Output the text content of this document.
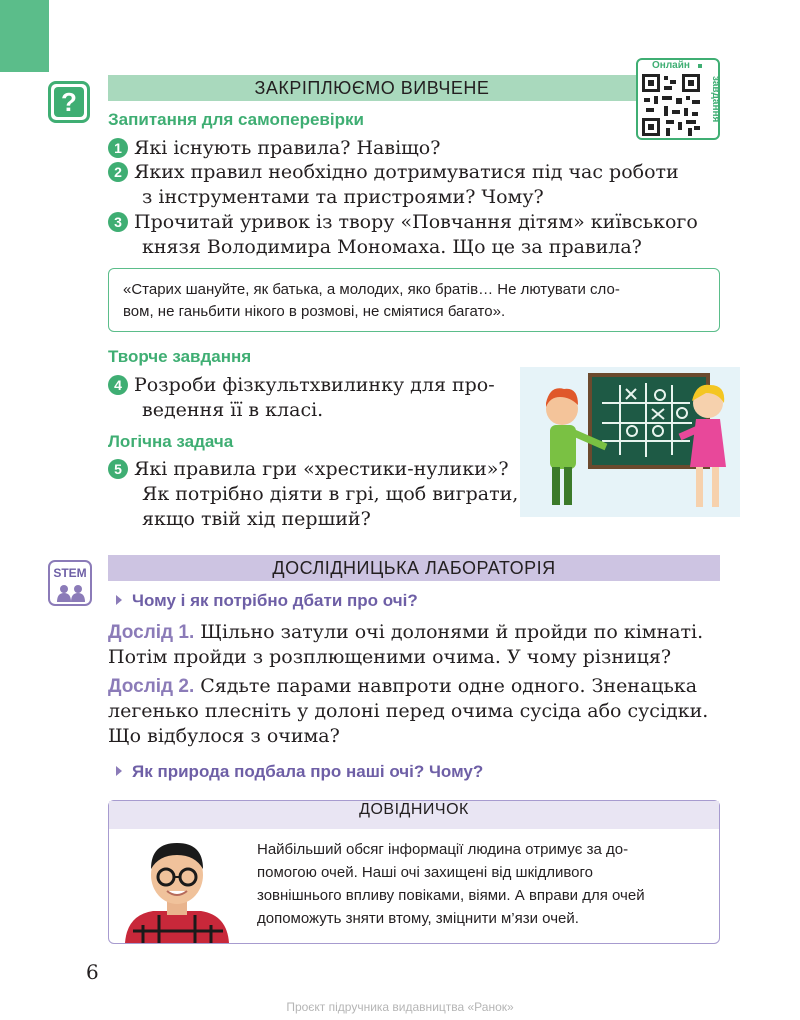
?	ЗАКРІПЛЮЄМО ВИВЧЕНЕ
Онлайн
завдання
Запитання для самоперевірки
1 Які існують правила? Навіщо?
2 Яких правил необхідно дотримуватися під час роботи
з інструментами та пристроями? Чому?
3 Прочитай уривок із твору «Повчання дітям» київського
князя Володимира Мономаха. Що це за правила?
«Старих шануйте, як батька, а молодих, яко братів… Не лютувати сло-
вом, не ганьбити нікого в розмові, не сміятися багато».
Творче завдання
4 Розроби фізкультхвилинку для про-
ведення її в класі.
Логічна задача
5 Які правила гри «хрестики-нулики»?
Як потрібно діяти в грі, щоб виграти,
якщо твій хід перший?
STEM	ДОСЛІДНИЦЬКА ЛАБОРАТОРІЯ
Чому і як потрібно дбати про очі?
Дослід 1. Щільно затули очі долонями й пройди по кімнаті.
Потім пройди з розплющеними очима. У чому різниця?
Дослід 2. Сядьте парами навпроти одне одного. Зненацька
легенько плесніть у долоні перед очима сусіда або сусідки.
Що відбулося з очима?
Як природа подбала про наші очі? Чому?
ДОВІДНИЧОК
Найбільший обсяг інформації людина отримує за до-
помогою очей. Наші очі захищені від шкідливого
зовнішнього впливу повіками, віями. А вправи для очей
допоможуть зняти втому, зміцнити м’язи очей.
6
Проєкт підручника видавництва «Ранок»
